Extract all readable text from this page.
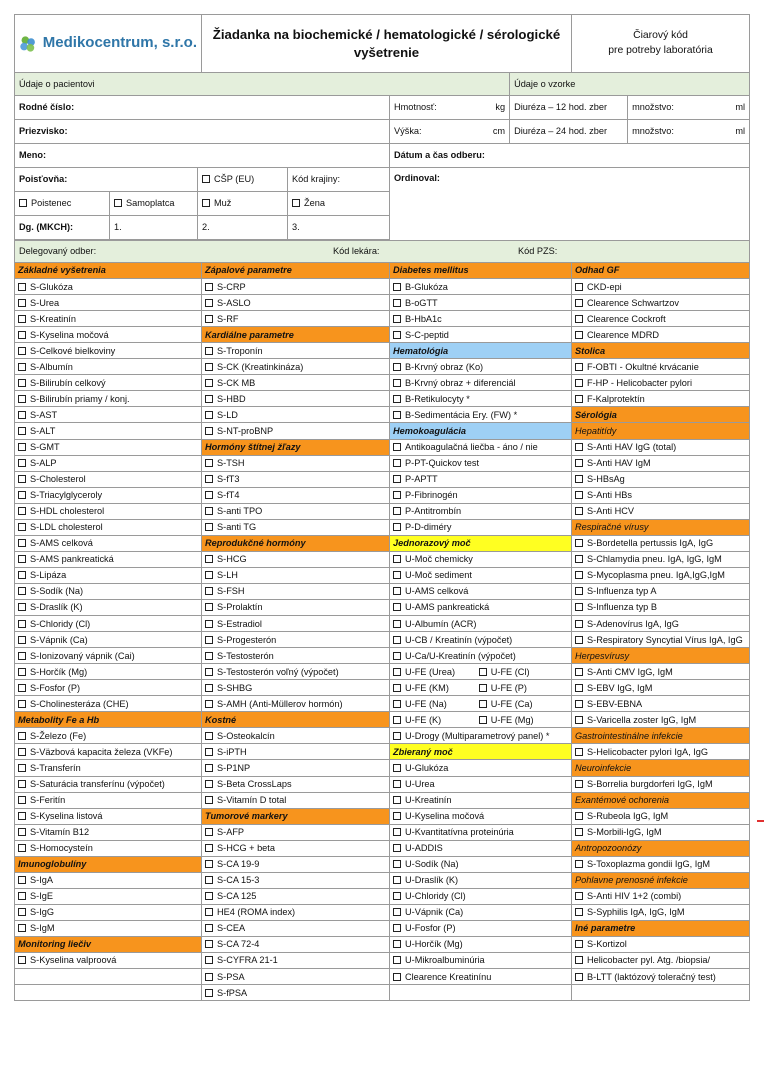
Medikocentrum, s.r.o.	Žiadanka na biochemické / hematologické / sérologické
vyšetrenie

Čiarový kód
pre potreby laboratória
Údaje o pacientovi					Údaje o vzorke	
Rodné číslo:				Hmotnosť: kg	Diuréza – 12 hod. zber	množstvo: ml

Priezvisko:				Výška: cm	Diuréza – 24 hod. zber	množstvo: ml

Meno:				Dátum a čas odberu:		
Poisťovňa:		CŠP (EU)	Kód krajiny:	Ordinoval:		
Poistenec	Samoplatca	Muž	Žena			
Dg. (MKCH):	1.	2.	3.			

Delegovaný odber: Kód lekára: Kód PZS:						
Základné vyšetrenia	Zápalové parametre	Diabetes mellitus	Odhad GF
S-Glukóza	S-CRP	B-Glukóza	CKD-epi
S-Urea	S-ASLO	B-oGTT	Clearence Schwartzov
S-Kreatinín	S-RF	B-HbA1c	Clearence Cockroft
S-Kyselina močová	Kardiálne parametre	S-C-peptid	Clearence MDRD
S-Celkové bielkoviny	S-Troponín	Hematológia	Stolica
S-Albumín	S-CK (Kreatinkináza)	B-Krvný obraz (Ko)	F-OBTI - Okultné krvácanie
S-Bilirubín celkový	S-CK MB	B-Krvný obraz + diferenciál	F-HP - Helicobacter pylori
S-Bilirubín priamy / konj.	S-HBD	B-Retikulocyty *	F-Kalprotektín
S-AST	S-LD	B-Sedimentácia Ery. (FW) *	Sérológia
S-ALT	S-NT-proBNP	Hemokoagulácia	Hepatitídy
S-GMT	Hormóny štítnej žľazy	Antikoagulačná liečba - áno / nie	S-Anti HAV IgG (total)
S-ALP	S-TSH	P-PT-Quickov test	S-Anti HAV IgM
S-Cholesterol	S-fT3	P-APTT	S-HBsAg
S-Triacylglyceroly	S-fT4	P-Fibrinogén	S-Anti HBs
S-HDL cholesterol	S-anti TPO	P-Antitrombín	S-Anti HCV
S-LDL cholesterol	S-anti TG	P-D-diméry	Respiračné vírusy
S-AMS celková	Reprodukčné hormóny	Jednorazový moč	S-Bordetella pertussis IgA, IgG
S-AMS pankreatická	S-HCG	U-Moč chemicky	S-Chlamydia pneu. IgA, IgG, IgM
S-Lipáza	S-LH	U-Moč sediment	S-Mycoplasma pneu. IgA,IgG,IgM
S-Sodík (Na)	S-FSH	U-AMS celková	S-Influenza typ A
S-Draslík (K)	S-Prolaktín	U-AMS pankreatická	S-Influenza typ B
S-Chloridy (Cl)	S-Estradiol	U-Albumín (ACR)	S-Adenovírus IgA, IgG
S-Vápnik (Ca)	S-Progesterón	U-CB / Kreatinín (výpočet)	S-Respiratory Syncytial Vírus IgA, IgG
S-Ionizovaný vápnik (Cai)	S-Testosterón	U-Ca/U-Kreatinín (výpočet)	Herpesvírusy
S-Horčík (Mg)	S-Testosterón voľný (výpočet)	U-FE (Urea) U-FE (Cl)	S-Anti CMV IgG, IgM
S-Fosfor (P)	S-SHBG	U-FE (KM) U-FE (P)	S-EBV IgG, IgM
S-Cholinesteráza (CHE)	S-AMH (Anti-Müllerov hormón)	U-FE (Na) U-FE (Ca)	S-EBV-EBNA
Metabolity Fe a Hb	Kostné	U-FE (K) U-FE (Mg)	S-Varicella zoster IgG, IgM
S-Železo (Fe)	S-Osteokalcín	U-Drogy (Multiparametrový panel) *	Gastrointestinálne infekcie
S-Väzbová kapacita železa (VKFe)	S-iPTH	Zbieraný moč	S-Helicobacter pylori IgA, IgG
S-Transferín	S-P1NP	U-Glukóza	Neuroinfekcie
S-Saturácia transferínu (výpočet)	S-Beta CrossLaps	U-Urea	S-Borrelia burgdorferi IgG, IgM
S-Feritín	S-Vitamín D total	U-Kreatinín	Exantémové ochorenia
S-Kyselina listová	Tumorové markery	U-Kyselina močová	S-Rubeola IgG, IgM
S-Vitamín B12	S-AFP	U-Kvantitatívna proteinúria	S-Morbili-IgG, IgM
S-Homocysteín	S-HCG + beta	U-ADDIS	Antropozoonózy
Imunoglobulíny	S-CA 19-9	U-Sodík (Na)	S-Toxoplazma gondii IgG, IgM
S-IgA	S-CA 15-3	U-Draslík (K)	Pohlavne prenosné infekcie
S-IgE	S-CA 125	U-Chloridy (Cl)	S-Anti HIV 1+2 (combi)
S-IgG	HE4 (ROMA index)	U-Vápnik (Ca)	S-Syphilis IgA, IgG, IgM
S-IgM	S-CEA	U-Fosfor (P)	Iné parametre
Monitoring liečiv	S-CA 72-4	U-Horčík (Mg)	S-Kortizol
S-Kyselina valproová	S-CYFRA 21-1	U-Mikroalbuminúria	Helicobacter pyl. Atg. /biopsia/
	S-PSA	Clearence Kreatinínu	B-LTT (laktózový toleračný test)
	S-fPSA		
